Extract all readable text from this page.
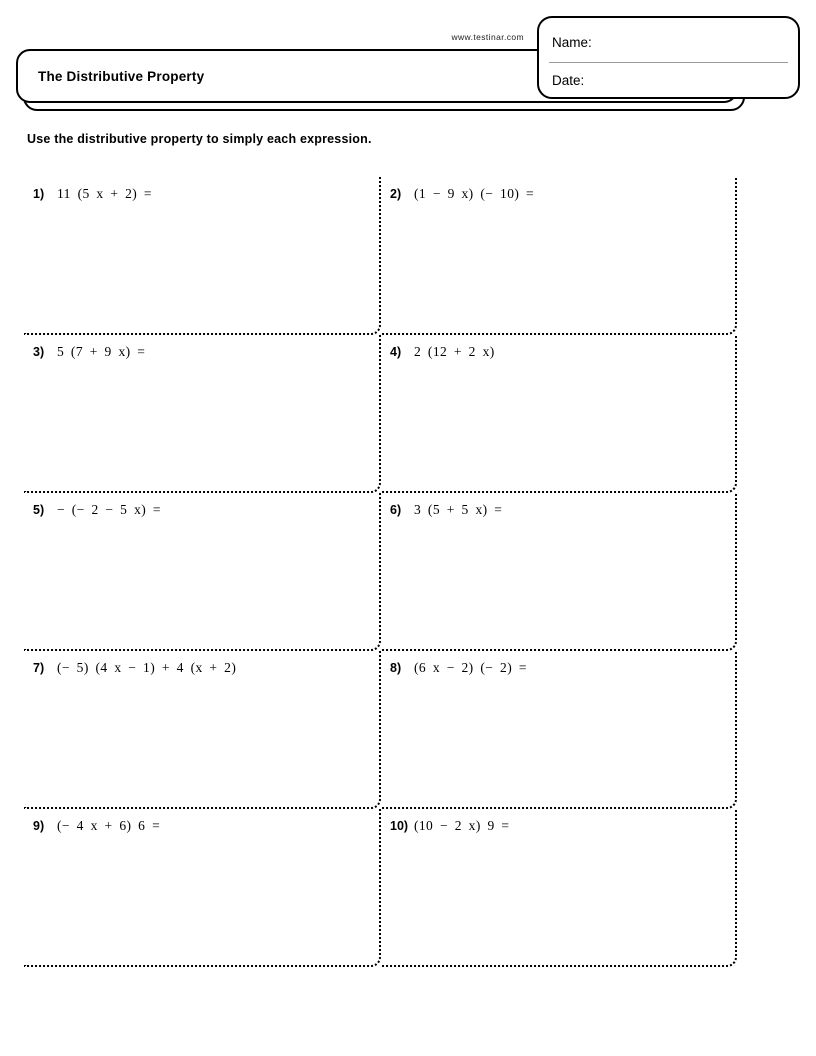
www.testinar.com
The Distributive Property
Name:
Date:
Use the distributive property to simply each expression.
1) 11 (5 x + 2) =	2) (1 − 9 x) (− 10) =
3) 5 (7 + 9 x) =	4) 2 (12 + 2 x)
5) − (− 2 − 5 x) =	6) 3 (5 + 5 x) =
7) (− 5) (4 x − 1) + 4 (x + 2)	8) (6 x − 2) (− 2) =
9) (− 4 x + 6) 6 =	10) (10 − 2 x) 9 =
